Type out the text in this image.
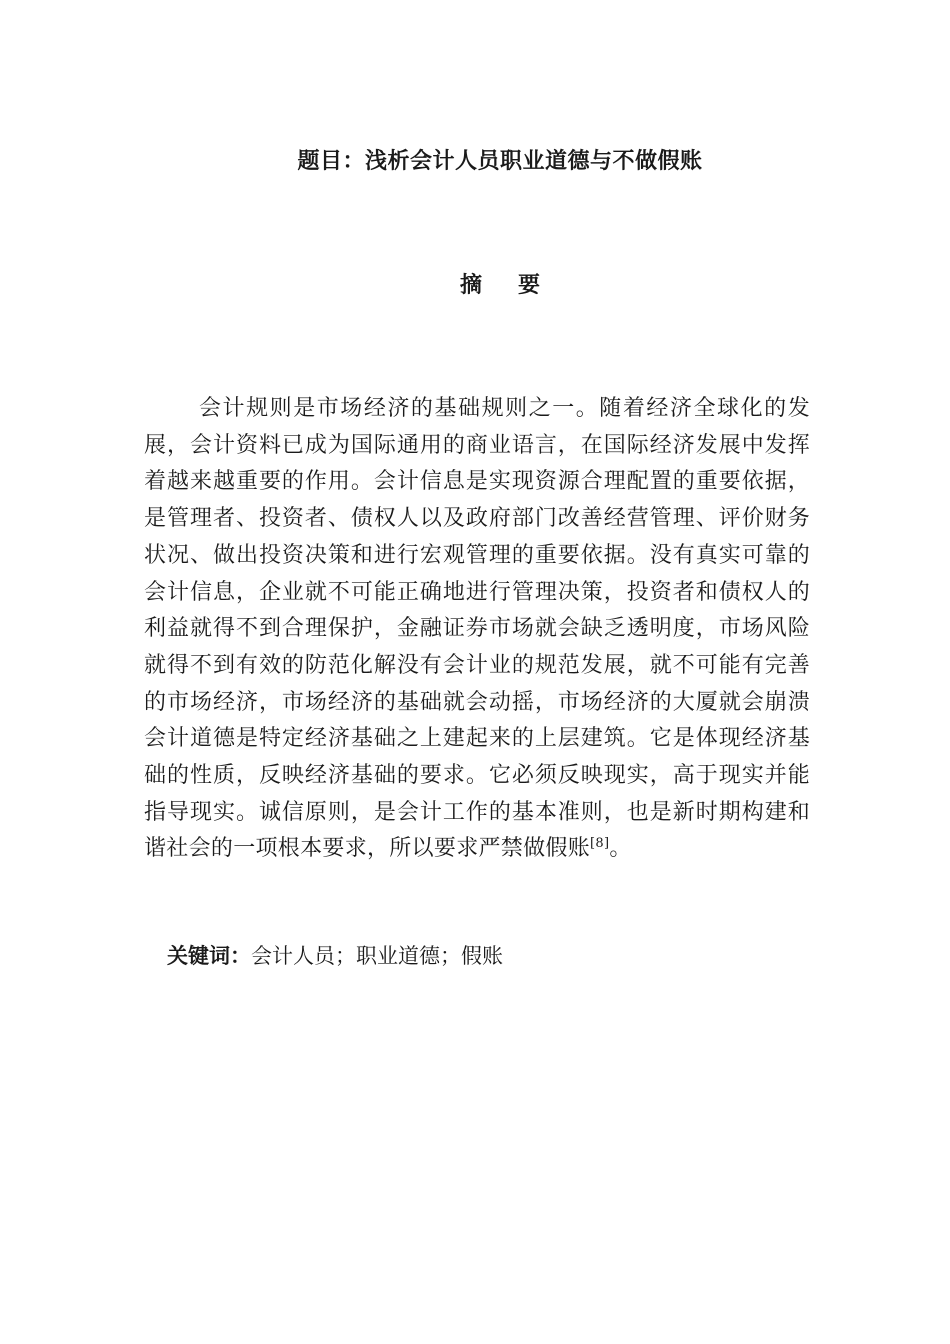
题目：浅析会计人员职业道德与不做假账
摘 要

会计规则是市场经济的基础规则之一。随着经济全球化的发展，会计资料已成为国际通用的商业语言，在国际经济发展中发挥着越来越重要的作用。会计信息是实现资源合理配置的重要依据，是管理者、投资者、债权人以及政府部门改善经营管理、评价财务状况、做出投资决策和进行宏观管理的重要依据。没有真实可靠的会计信息，企业就不可能正确地进行管理决策，投资者和债权人的利益就得不到合理保护，金融证券市场就会缺乏透明度，市场风险就得不到有效的防范化解没有会计业的规范发展，就不可能有完善的市场经济，市场经济的基础就会动摇，市场经济的大厦就会崩溃会计道德是特定经济基础之上建起来的上层建筑。它是体现经济基础的性质，反映经济基础的要求。它必须反映现实，高于现实并能指导现实。诚信原则，是会计工作的基本准则，也是新时期构建和谐社会的一项根本要求，所以要求严禁做假账[8]。

关键词：会计人员；职业道德；假账
